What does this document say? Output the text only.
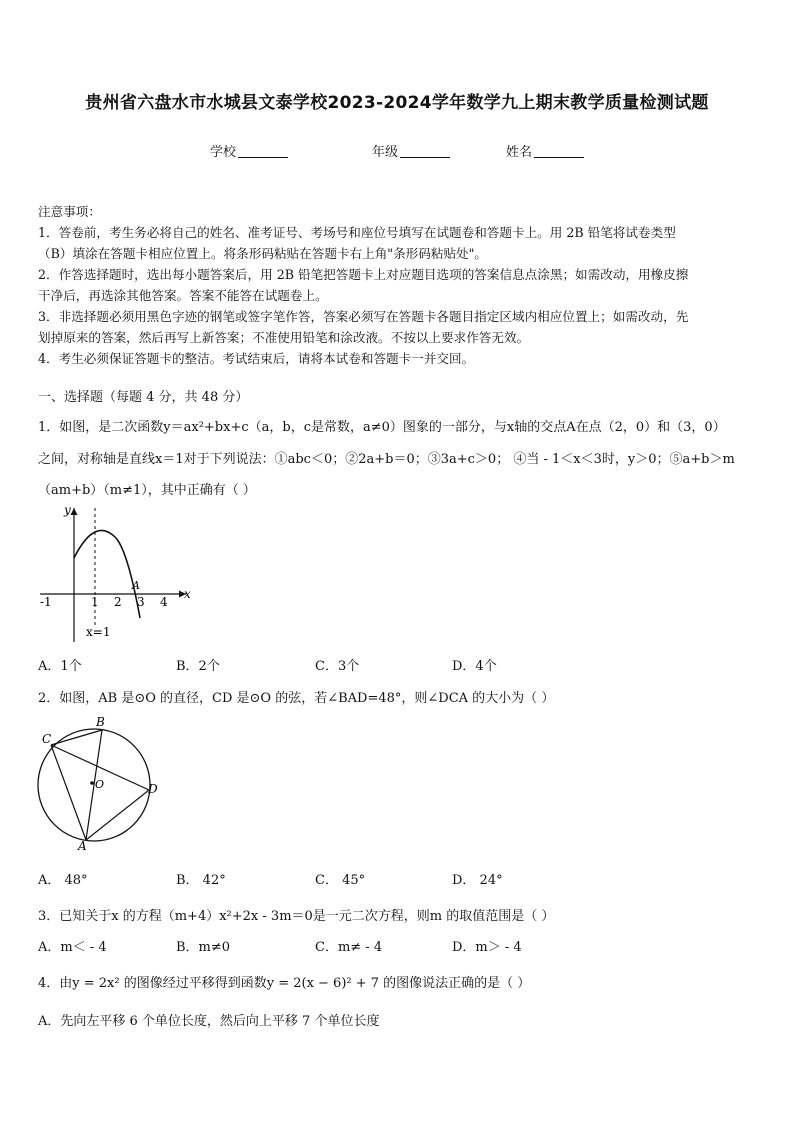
贵州省六盘水市水城县文泰学校2023-2024学年数学九上期末教学质量检测试题
学校	年级	姓名
注意事项：
1．答卷前，考生务必将自己的姓名、准考证号、考场号和座位号填写在试题卷和答题卡上。用 2B 铅笔将试卷类型
（B）填涂在答题卡相应位置上。将条形码粘贴在答题卡右上角"条形码粘贴处"。
2．作答选择题时，选出每小题答案后，用 2B 铅笔把答题卡上对应题目选项的答案信息点涂黑；如需改动，用橡皮擦
干净后，再选涂其他答案。答案不能答在试题卷上。
3．非选择题必须用黑色字迹的钢笔或签字笔作答，答案必须写在答题卡各题目指定区域内相应位置上；如需改动，先
划掉原来的答案，然后再写上新答案；不准使用铅笔和涂改液。不按以上要求作答无效。
4．考生必须保证答题卡的整洁。考试结束后，请将本试卷和答题卡一并交回。
一、选择题（每题 4 分，共 48 分）
1．如图，是二次函数y＝ax²+bx+c（a，b，c是常数，a≠0）图象的一部分，与x轴的交点A在点（2，0）和（3，0）
之间，对称轴是直线x＝1对于下列说法：①abc＜0；②2a+b＝0；③3a+c＞0； ④当 - 1＜x＜3时，y＞0；⑤a+b＞m
（am+b）（m≠1），其中正确有（ ）
y
x
-1	1 2 3 4
A
x=1
A．1个	B．2个	C．3个	D．4个
2．如图，AB 是⊙O 的直径，CD 是⊙O 的弦，若∠BAD=48°，则∠DCA 的大小为（ ）
B
C
O	D
A
A． 48°	B． 42°	C． 45°	D． 24°
3．已知关于x 的方程（m+4）x²+2x - 3m＝0是一元二次方程，则m 的取值范围是（ ）
A．m＜ - 4	B．m≠0	C．m≠ - 4	D．m＞ - 4
4．由y = 2x² 的图像经过平移得到函数y = 2(x − 6)² + 7 的图像说法正确的是（ ）
A．先向左平移 6 个单位长度，然后向上平移 7 个单位长度
